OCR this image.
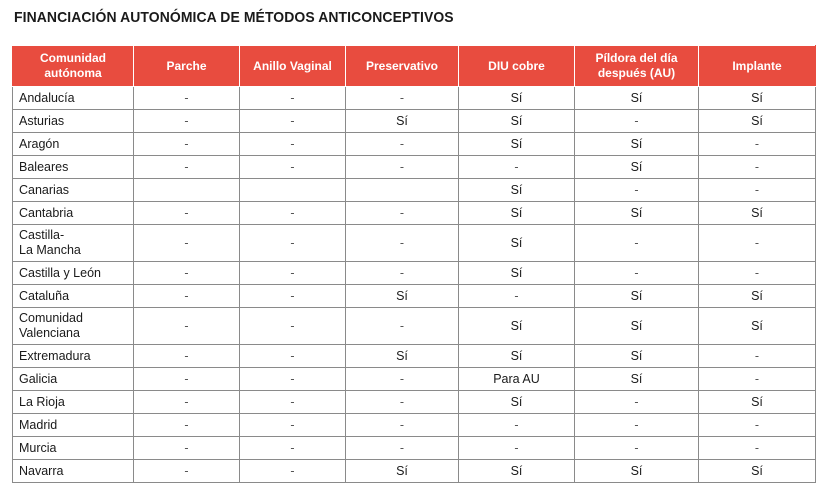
FINANCIACIÓN AUTONÓMICA DE MÉTODOS ANTICONCEPTIVOS
Comunidad autónoma	Parche	Anillo Vaginal	Preservativo	DIU cobre	Píldora del día después (AU)	Implante
Andalucía	-	-	-	Sí	Sí	Sí
Asturias	-	-	Sí	Sí	-	Sí
Aragón	-	-	-	Sí	Sí	-
Baleares	-	-	-	-	Sí	-
Canarias				Sí	-	-
Cantabria	-	-	-	Sí	Sí	Sí
Castilla-
La Mancha	-	-	-	Sí	-	-
Castilla y León	-	-	-	Sí	-	-
Cataluña	-	-	Sí	-	Sí	Sí
Comunidad
Valenciana	-	-	-	Sí	Sí	Sí
Extremadura	-	-	Sí	Sí	Sí	-
Galicia	-	-	-	Para AU	Sí	-
La Rioja	-	-	-	Sí	-	Sí
Madrid	-	-	-	-	-	-
Murcia	-	-	-	-	-	-
Navarra	-	-	Sí	Sí	Sí	Sí
